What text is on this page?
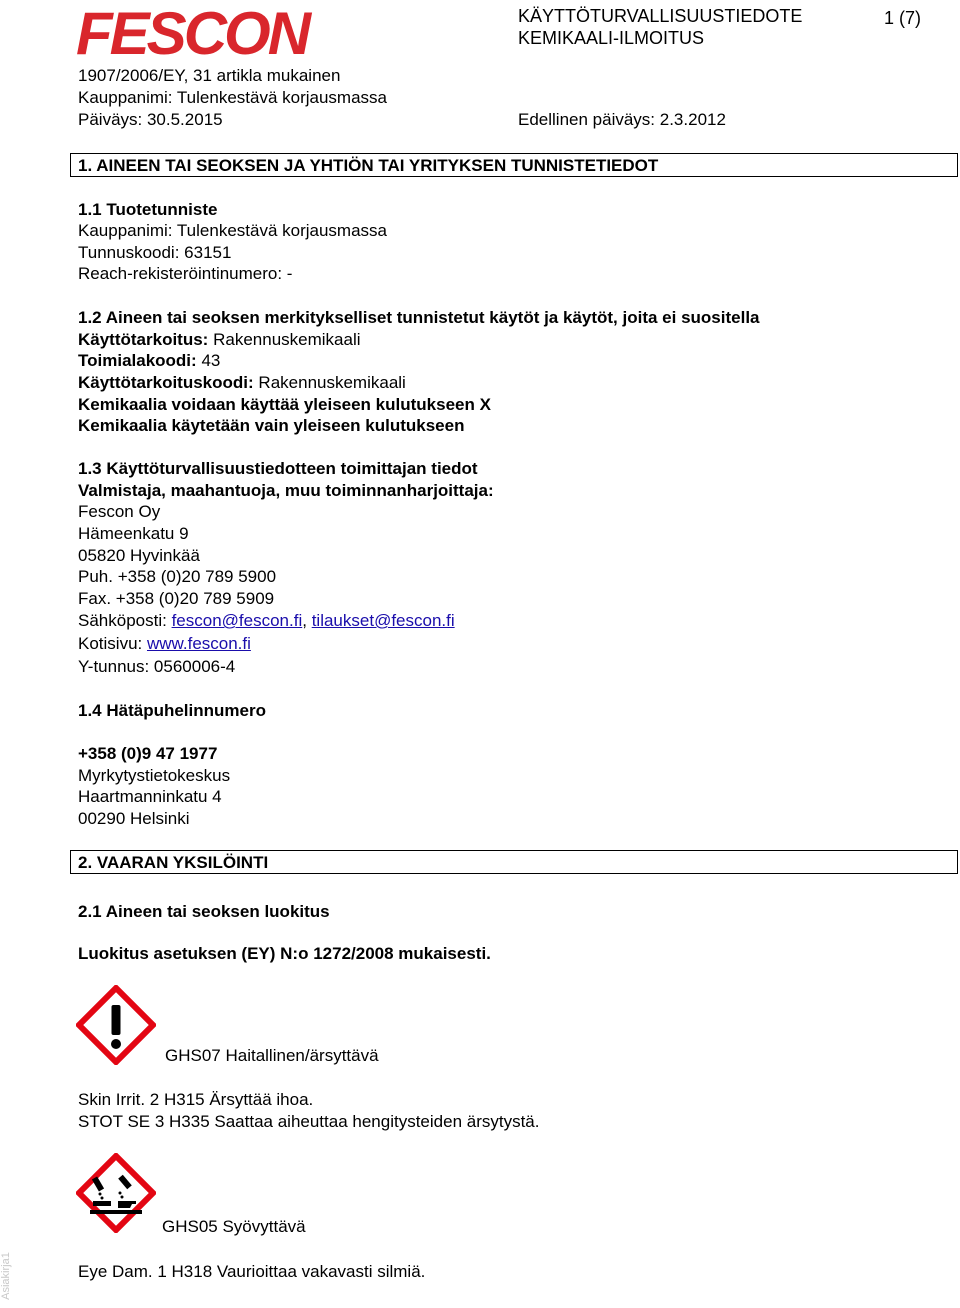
FESCON	KÄYTTÖTURVALLISUUSTIEDOTE
KEMIKAALI-ILMOITUS
1 (7)
1907/2006/EY, 31 artikla mukainen
Kauppanimi: Tulenkestävä korjausmassa
Päiväys: 30.5.2015	Edellinen päiväys: 2.3.2012
1. AINEEN TAI SEOKSEN JA YHTIÖN TAI YRITYKSEN TUNNISTETIEDOT
1.1 Tuotetunniste
Kauppanimi: Tulenkestävä korjausmassa
Tunnuskoodi: 63151
Reach-rekisteröintinumero: -
1.2 Aineen tai seoksen merkitykselliset tunnistetut käytöt ja käytöt, joita ei suositella
Käyttötarkoitus: Rakennuskemikaali
Toimialakoodi: 43
Käyttötarkoituskoodi: Rakennuskemikaali
Kemikaalia voidaan käyttää yleiseen kulutukseen X
Kemikaalia käytetään vain yleiseen kulutukseen
1.3 Käyttöturvallisuustiedotteen toimittajan tiedot
Valmistaja, maahantuoja, muu toiminnanharjoittaja:
Fescon Oy
Hämeenkatu 9
05820 Hyvinkää
Puh. +358 (0)20 789 5900
Fax. +358 (0)20 789 5909
Sähköposti: fescon@fescon.fi, tilaukset@fescon.fi
Kotisivu: www.fescon.fi
Y-tunnus: 0560006-4
1.4 Hätäpuhelinnumero
+358 (0)9 47 1977
Myrkytystietokeskus
Haartmanninkatu 4
00290 Helsinki
2. VAARAN YKSILÖINTI
2.1 Aineen tai seoksen luokitus
Luokitus asetuksen (EY) N:o 1272/2008 mukaisesti.
GHS07 Haitallinen/ärsyttävä
Skin Irrit. 2 H315 Ärsyttää ihoa.
STOT SE 3 H335 Saattaa aiheuttaa hengitysteiden ärsytystä.
GHS05 Syövyttävä
Eye Dam. 1 H318 Vaurioittaa vakavasti silmiä.
Asiakirja1
